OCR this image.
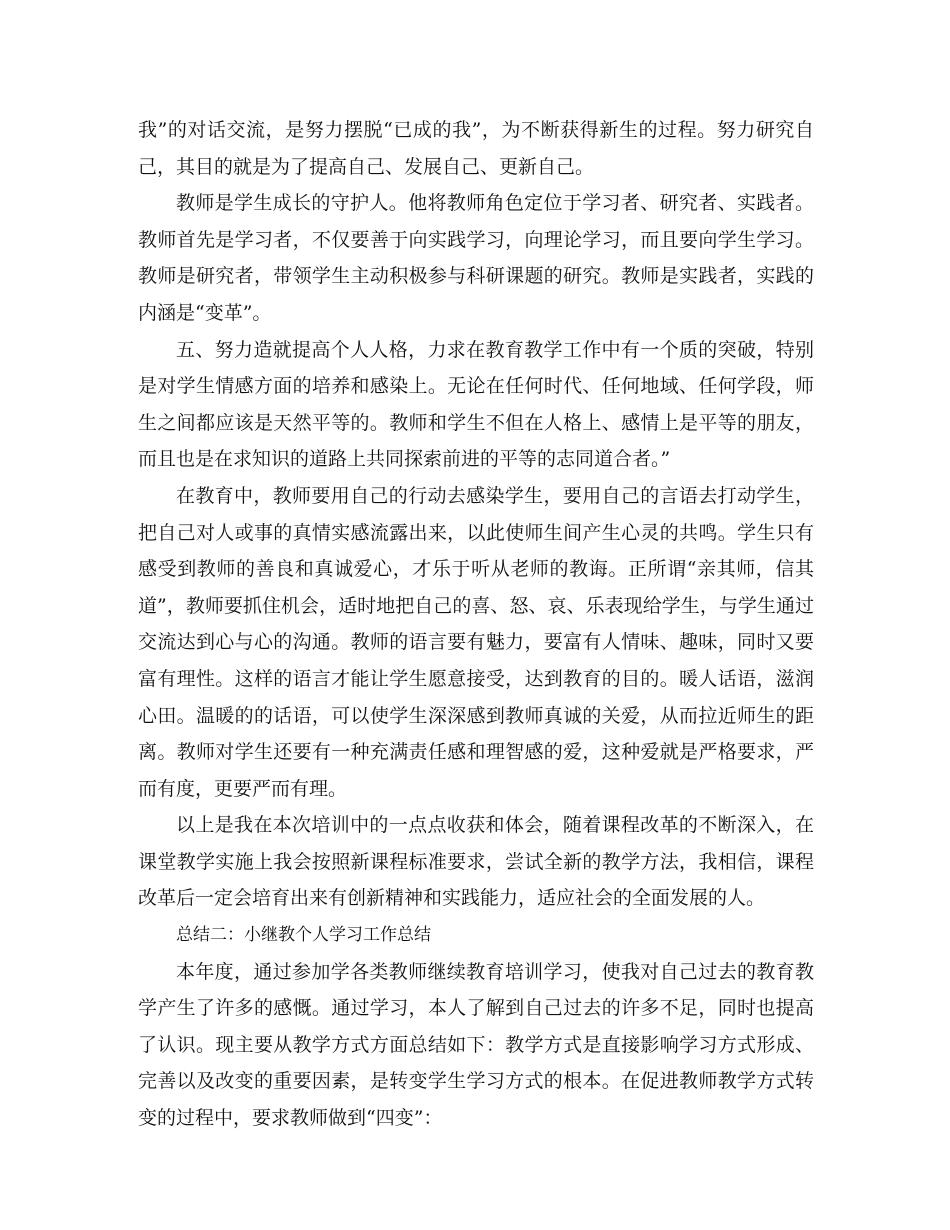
我”的对话交流，是努力摆脱“已成的我”，为不断获得新生的过程。努力研究自己，其目的就是为了提高自己、发展自己、更新自己。

教师是学生成长的守护人。他将教师角色定位于学习者、研究者、实践者。教师首先是学习者，不仅要善于向实践学习，向理论学习，而且要向学生学习。教师是研究者，带领学生主动积极参与科研课题的研究。教师是实践者，实践的内涵是“变革”。

五、努力造就提高个人人格，力求在教育教学工作中有一个质的突破，特别是对学生情感方面的培养和感染上。无论在任何时代、任何地域、任何学段，师生之间都应该是天然平等的。教师和学生不但在人格上、感情上是平等的朋友，而且也是在求知识的道路上共同探索前进的平等的志同道合者。”

在教育中，教师要用自己的行动去感染学生，要用自己的言语去打动学生，把自己对人或事的真情实感流露出来，以此使师生间产生心灵的共鸣。学生只有感受到教师的善良和真诚爱心，才乐于听从老师的教诲。正所谓“亲其师，信其道”，教师要抓住机会，适时地把自己的喜、怒、哀、乐表现给学生，与学生通过交流达到心与心的沟通。教师的语言要有魅力，要富有人情味、趣味，同时又要富有理性。这样的语言才能让学生愿意接受，达到教育的目的。暖人话语，滋润心田。温暖的的话语，可以使学生深深感到教师真诚的关爱，从而拉近师生的距离。教师对学生还要有一种充满责任感和理智感的爱，这种爱就是严格要求，严而有度，更要严而有理。

以上是我在本次培训中的一点点收获和体会，随着课程改革的不断深入，在课堂教学实施上我会按照新课程标准要求，尝试全新的教学方法，我相信，课程改革后一定会培育出来有创新精神和实践能力，适应社会的全面发展的人。

总结二：小继教个人学习工作总结

本年度，通过参加学各类教师继续教育培训学习，使我对自己过去的教育教学产生了许多的感慨。通过学习，本人了解到自己过去的许多不足，同时也提高了认识。现主要从教学方式方面总结如下：教学方式是直接影响学习方式形成、完善以及改变的重要因素，是转变学生学习方式的根本。在促进教师教学方式转变的过程中，要求教师做到“四变”：
